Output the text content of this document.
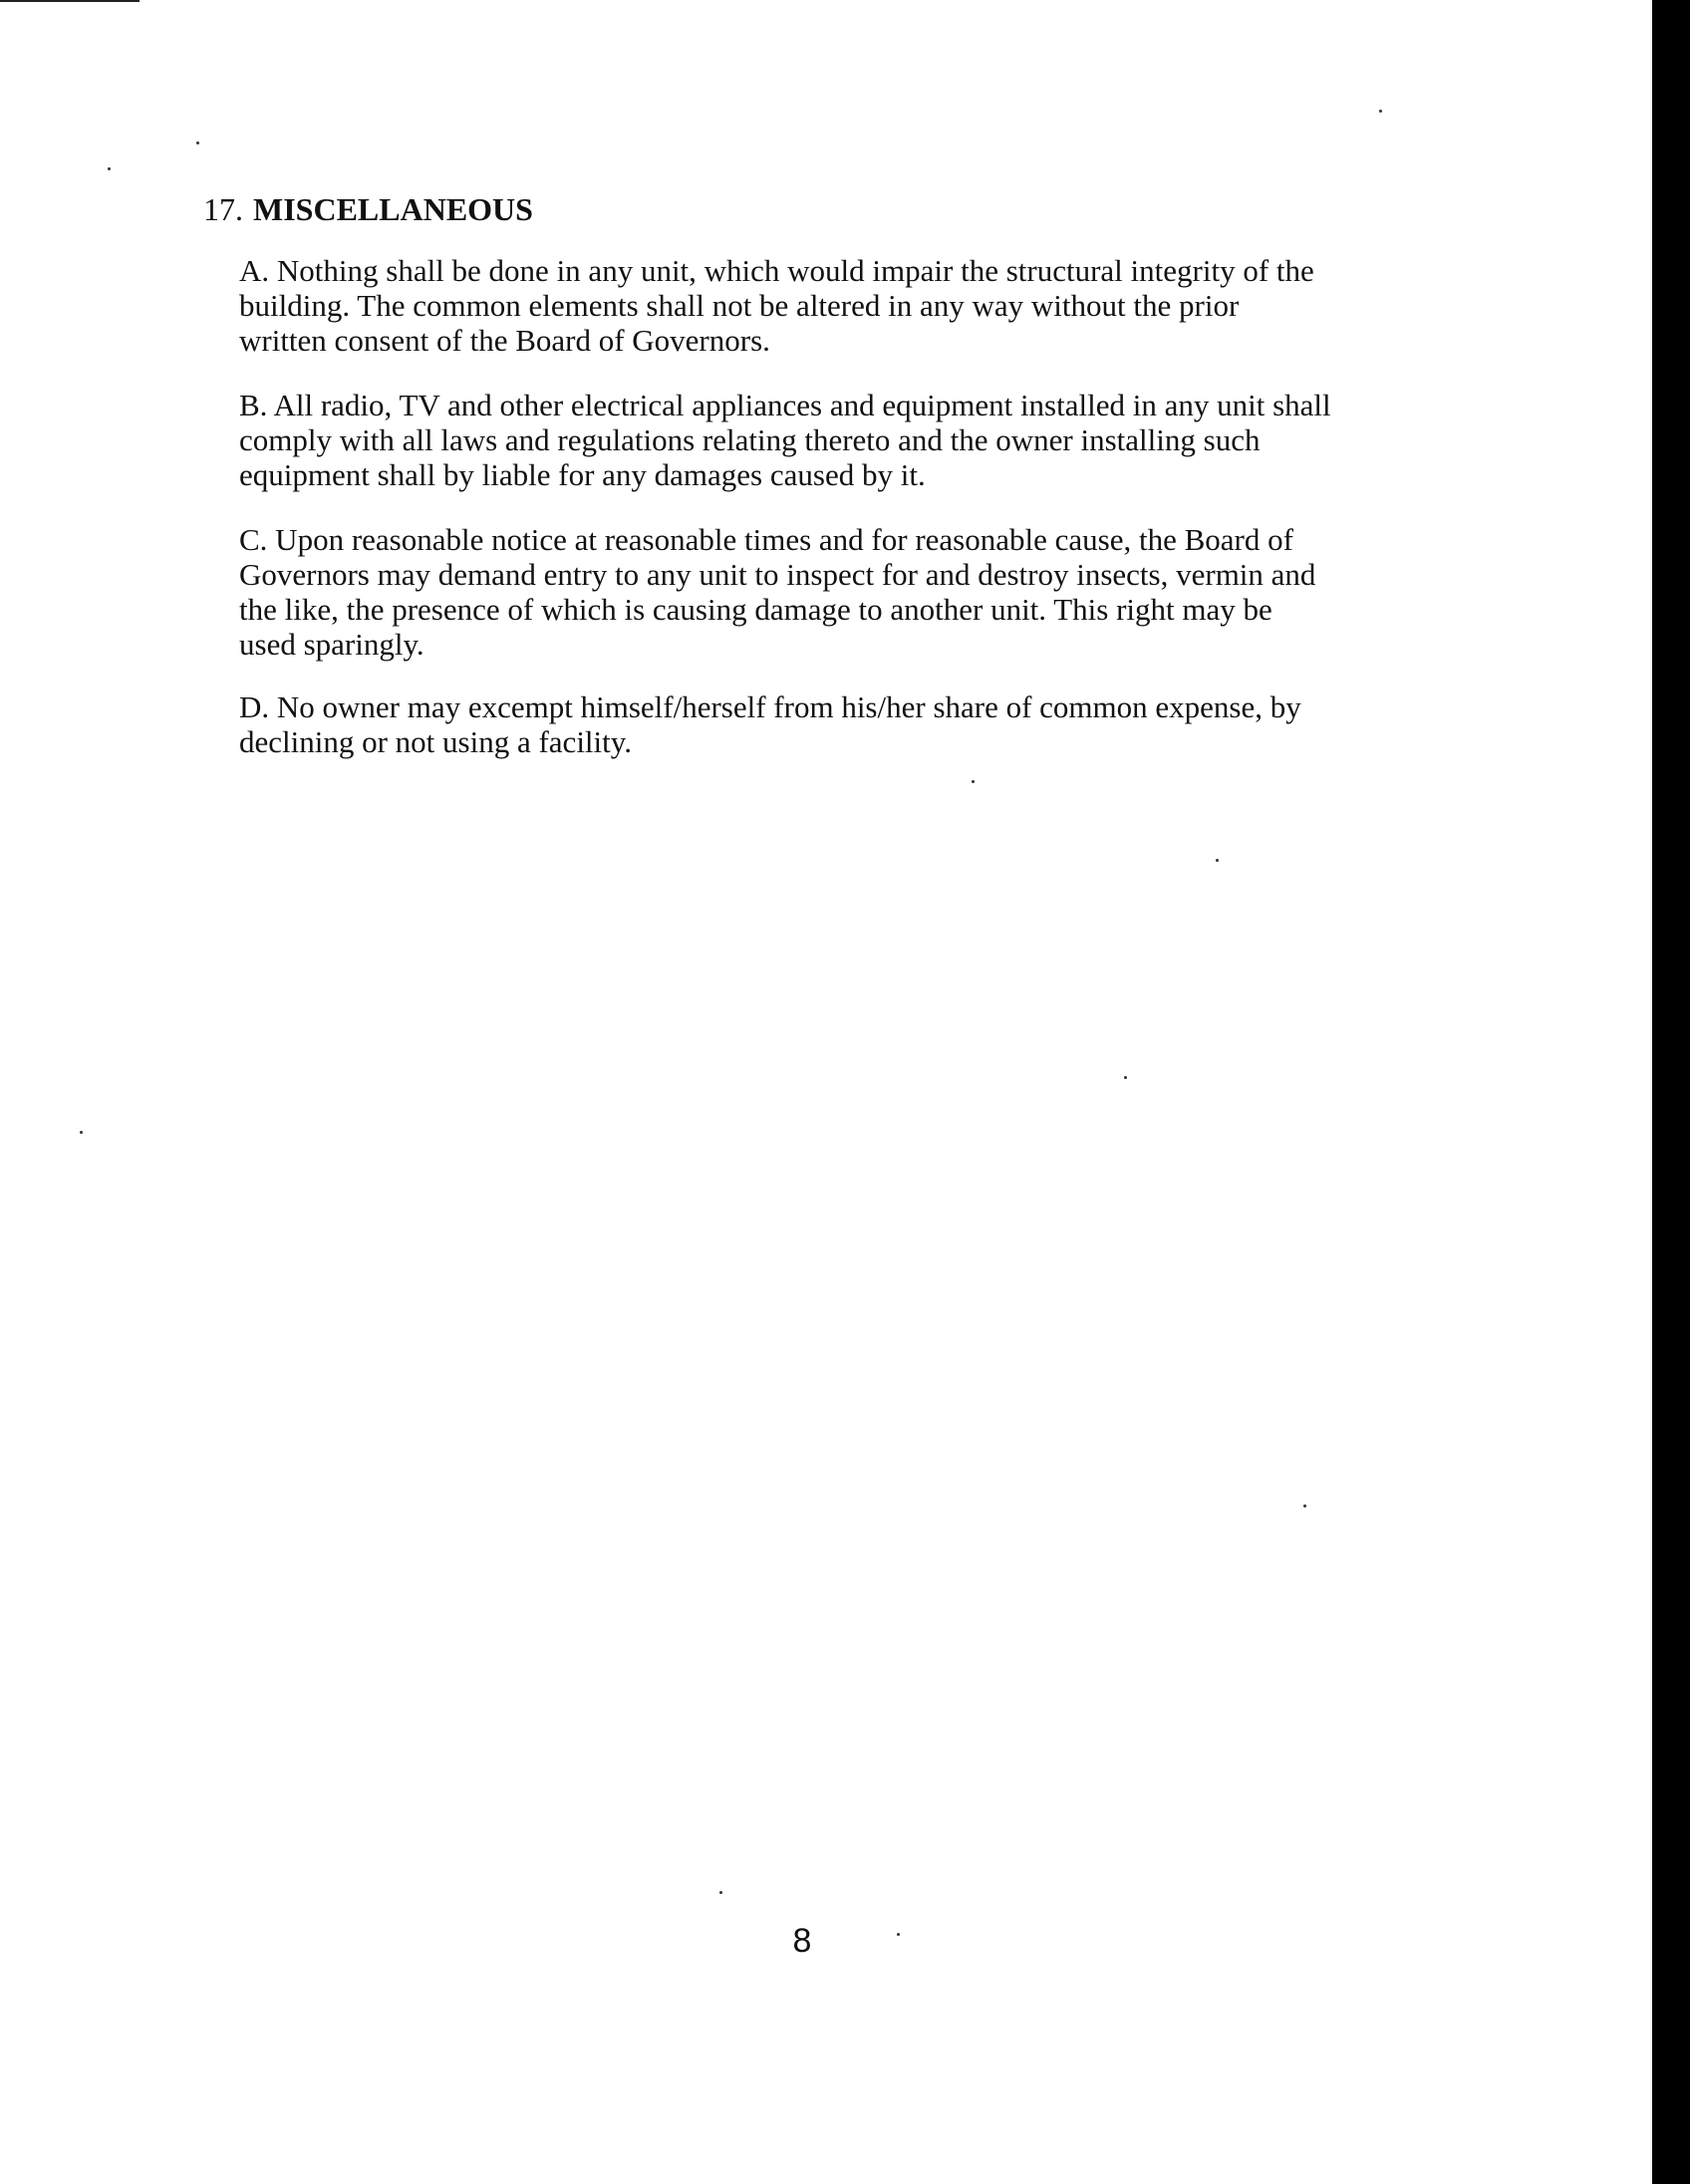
17. MISCELLANEOUS
A. Nothing shall be done in any unit, which would impair the structural integrity of the
building. The common elements shall not be altered in any way without the prior
written consent of the Board of Governors.
B. All radio, TV and other electrical appliances and equipment installed in any unit shall
comply with all laws and regulations relating thereto and the owner installing such
equipment shall by liable for any damages caused by it.
C. Upon reasonable notice at reasonable times and for reasonable cause, the Board of
Governors may demand entry to any unit to inspect for and destroy insects, vermin and
the like, the presence of which is causing damage to another unit. This right may be
used sparingly.
D. No owner may excempt himself/herself from his/her share of common expense, by
declining or not using a facility.
8
